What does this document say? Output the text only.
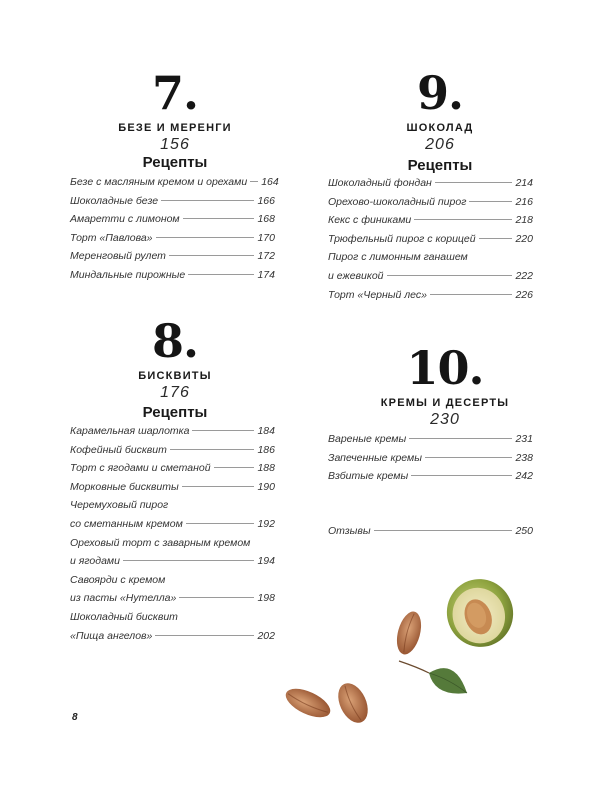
7.
БЕЗЕ И МЕРЕНГИ
156
Рецепты
Безе с масляным кремом и орехами 164
Шоколадные безе	166
Амаретти с лимоном	168
Торт «Павлова»	170
Меренговый рулет	172
Миндальные пирожные	174
9.
ШОКОЛАД
206
Рецепты
Шоколадный фондан	214
Орехово-шоколадный пирог	216
Кекс с финиками	218
Трюфельный пирог с корицей	220
Пирог с лимонным ганашем
и ежевикой	222
Торт «Черный лес»	226
8.
БИСКВИТЫ
176
Рецепты
Карамельная шарлотка	184
Кофейный бисквит	186
Торт с ягодами и сметаной	188
Морковные бисквиты	190
Черемуховый пирог
со сметанным кремом	192
Ореховый торт с заварным кремом
и ягодами	194
Савоярди с кремом
из пасты «Нутелла»	198
Шоколадный бисквит
«Пища ангелов»	202
10.
КРЕМЫ И ДЕСЕРТЫ
230
Вареные кремы	231
Запеченные кремы	238
Взбитые кремы	242
Отзывы	250
8
